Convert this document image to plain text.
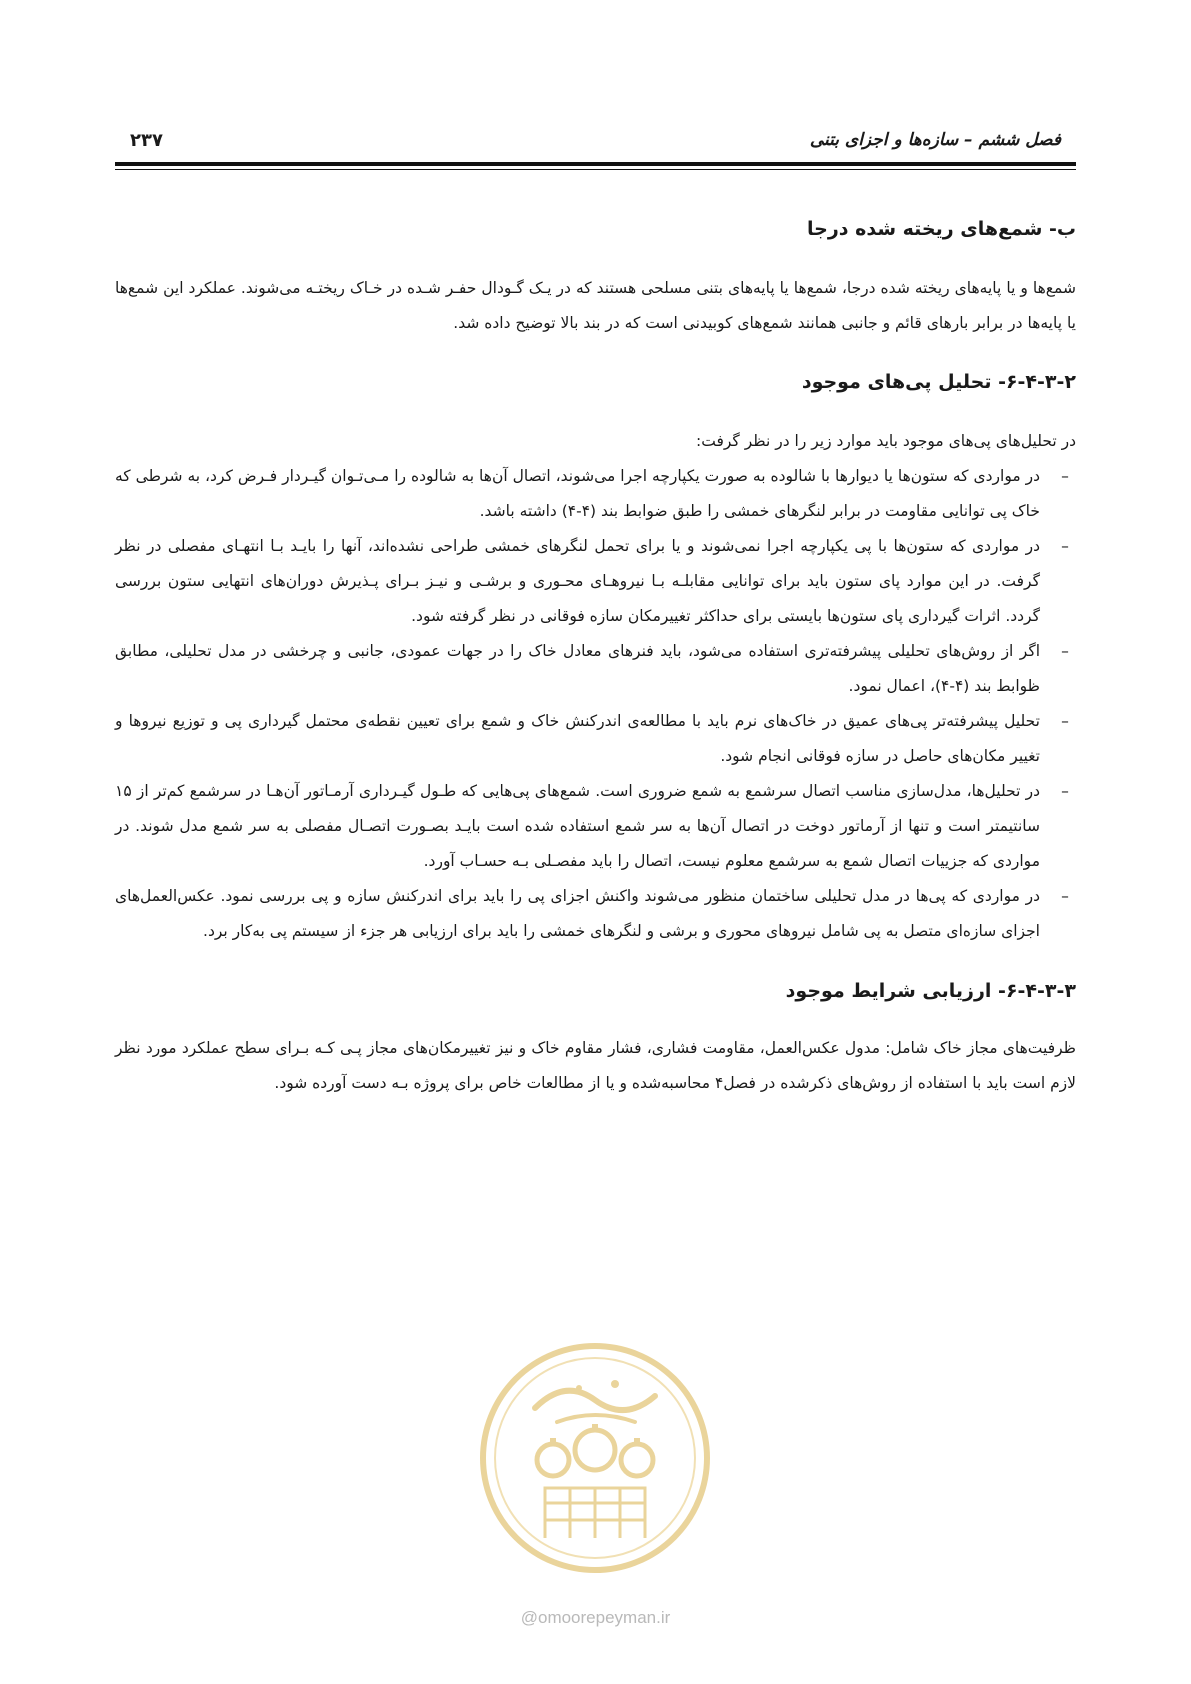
فصل ششم – سازه‌ها و اجزای بتنی
۲۳۷
ب- شمع‌های ریخته شده درجا

شمع‌ها و یا پایه‌های ریخته شده درجا، شمع‌ها یا پایه‌های بتنی مسلحی هستند که در یـک گـودال حفـر شـده در خـاک ریختـه می‌شوند. عملکرد این شمع‌ها یا پایه‌ها در برابر بارهای قائم و جانبی همانند شمع‌های کوبیدنی است که در بند بالا توضیح داده شد.

۶-۴-۳-۲- تحلیل پی‌های موجود

در تحلیل‌های پی‌های موجود باید موارد زیر را در نظر گرفت:

–
در مواردی که ستون‌ها یا دیوارها با شالوده به صورت یکپارچه اجرا می‌شوند، اتصال آن‌ها به شالوده را مـی‌تـوان گیـردار فـرض کرد، به شرطی که خاک پی توانایی مقاومت در برابر لنگرهای خمشی را طبق ضوابط بند (۴-۴) داشته باشد.
–
در مواردی که ستون‌ها با پی یکپارچه اجرا نمی‌شوند و یا برای تحمل لنگرهای خمشی طراحی نشده‌اند، آنها را بایـد بـا انتهـای مفصلی در نظر گرفت. در این موارد پای ستون باید برای توانایی مقابلـه بـا نیروهـای محـوری و برشـی و نیـز بـرای پـذیرش دوران‌های انتهایی ستون بررسی گردد. اثرات گیرداری پای ستون‌ها بایستی برای حداکثر تغییرمکان سازه فوقانی در نظر گرفته شود.
–
اگر از روش‌های تحلیلی پیشرفته‌تری استفاده می‌شود، باید فنرهای معادل خاک را در جهات عمودی، جانبی و چرخشی در مدل تحلیلی، مطابق ظوابط بند (۴-۴)، اعمال نمود.
–
تحلیل پیشرفته‌تر پی‌های عمیق در خاک‌های نرم باید با مطالعه‌ی اندرکنش خاک و شمع برای تعیین نقطه‌ی محتمل گیرداری پی و توزیع نیروها و تغییر مکان‌های حاصل در سازه فوقانی انجام شود.
–
در تحلیل‌ها، مدل‌سازی مناسب اتصال سرشمع به شمع ضروری است. شمع‌های پی‌هایی که طـول گیـرداری آرمـاتور آن‌هـا در سرشمع کم‌تر از ۱۵ سانتیمتر است و تنها از آرماتور دوخت در اتصال آن‌ها به سر شمع استفاده شده است بایـد بصـورت اتصـال مفصلی به سر شمع مدل شوند. در مواردی که جزییات اتصال شمع به سرشمع معلوم نیست، اتصال را باید مفصـلی بـه حسـاب آورد.
–
در مواردی که پی‌ها در مدل تحلیلی ساختمان منظور می‌شوند واکنش اجزای پی را باید برای اندرکنش سازه و پی بررسی نمود. عکس‌العمل‌های اجزای سازه‌ای متصل به پی شامل نیروهای محوری و برشی و لنگرهای خمشی را باید برای ارزیابی هر جزء از سیستم پی به‌کار برد.
۶-۴-۳-۳- ارزیابی شرایط موجود

ظرفیت‌های مجاز خاک شامل: مدول عکس‌العمل، مقاومت فشاری، فشار مقاوم خاک و نیز تغییرمکان‌های مجاز پـی کـه بـرای سطح عملکرد مورد نظر لازم است باید با استفاده از روش‌های ذکرشده در فصل۴ محاسبه‌شده و یا از مطالعات خاص برای پروژه بـه دست آورده شود.

@omoorepeyman.ir
